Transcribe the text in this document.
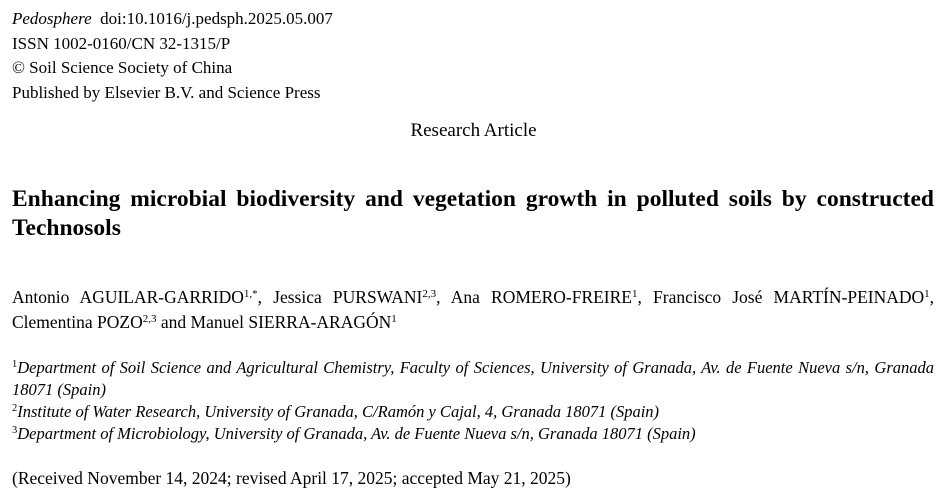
Pedosphere doi:10.1016/j.pedsph.2025.05.007
ISSN 1002-0160/CN 32-1315/P
© Soil Science Society of China
Published by Elsevier B.V. and Science Press
Research Article
Enhancing microbial biodiversity and vegetation growth in polluted soils by constructed Technosols

Antonio AGUILAR-$GARRIDO^{1,*}$, Jessica PURSWANI$^{2,3}$, Ana ROMERO-FREIRE$^1$, Francisco José MARTÍN-PEINADO$^1$, Clementina POZO$^{2,3}$ and Manuel SIERRA-ARAGÓN$^1$

$^1$Department of Soil Science and Agricultural Chemistry, Faculty of Sciences, University of Granada, Av. de Fuente Nueva s/n, Granada 18071 (Spain)
$^2$Institute of Water Research, University of Granada, C/Ramón y Cajal, 4, Granada 18071 (Spain)
$^3$Department of Microbiology, University of Granada, Av. de Fuente Nueva s/n, Granada 18071 (Spain)
(Received November 14, 2024; revised April 17, 2025; accepted May 21, 2025)
